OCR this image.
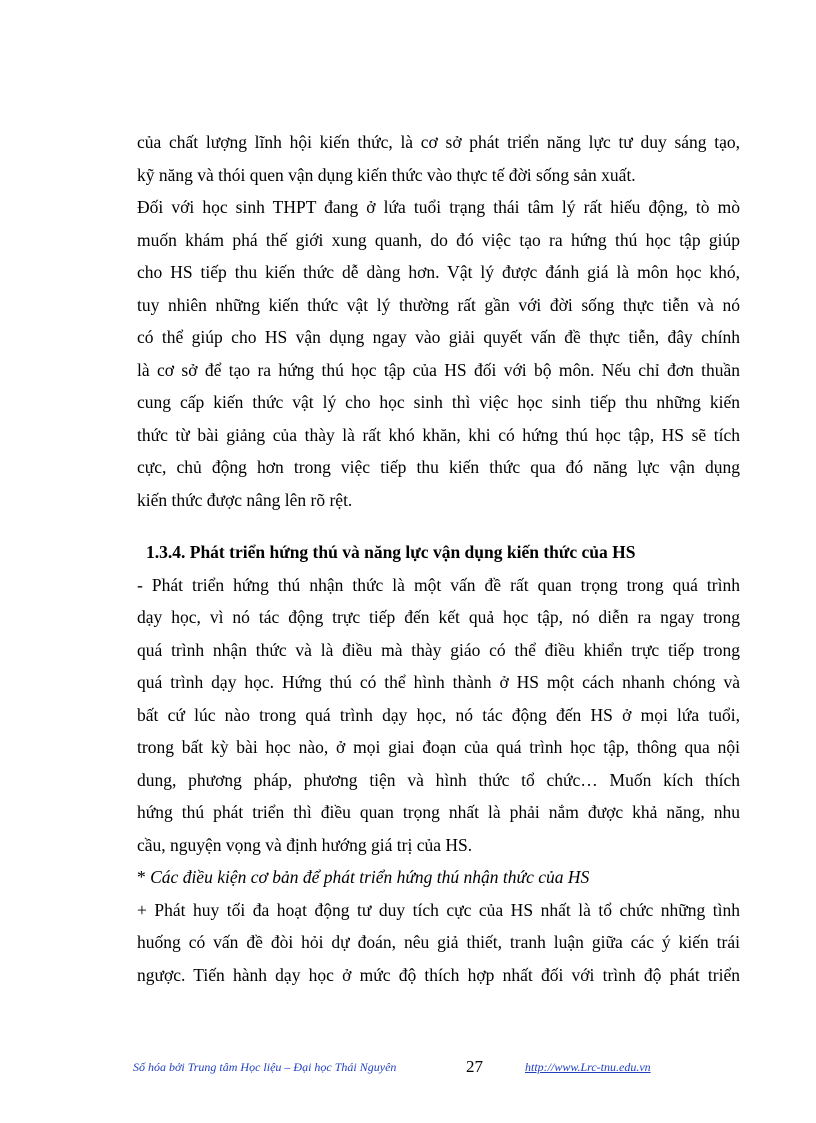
của chất lượng lĩnh hội kiến thức, là cơ sở phát triển năng lực tư duy sáng tạo,
kỹ năng và thói quen vận dụng kiến thức vào thực tế đời sống sản xuất.
Đối với học sinh THPT đang ở lứa tuổi trạng thái tâm lý rất hiếu động, tò mò
muốn khám phá thế giới xung quanh, do đó việc tạo ra hứng thú học tập giúp
cho HS tiếp thu kiến thức dễ dàng hơn. Vật lý được đánh giá là môn học khó,
tuy nhiên những kiến thức vật lý thường rất gần với đời sống thực tiễn và nó
có thể giúp cho HS vận dụng ngay vào giải quyết vấn đề thực tiễn, đây chính
là cơ sở để tạo ra hứng thú học tập của HS đối với bộ môn. Nếu chỉ đơn thuần
cung cấp kiến thức vật lý cho học sinh thì việc học sinh tiếp thu những kiến
thức từ bài giảng của thày là rất khó khăn, khi có hứng thú học tập, HS sẽ tích
cực, chủ động hơn trong việc tiếp thu kiến thức qua đó năng lực vận dụng
kiến thức được nâng lên rõ rệt.
1.3.4. Phát triển hứng thú và năng lực vận dụng kiến thức của HS
- Phát triển hứng thú nhận thức là một vấn đề rất quan trọng trong quá trình
dạy học, vì nó tác động trực tiếp đến kết quả học tập, nó diễn ra ngay trong
quá trình nhận thức và là điều mà thày giáo có thể điều khiển trực tiếp trong
quá trình dạy học. Hứng thú có thể hình thành ở HS một cách nhanh chóng và
bất cứ lúc nào trong quá trình dạy học, nó tác động đến HS ở mọi lứa tuổi,
trong bất kỳ bài học nào, ở mọi giai đoạn của quá trình học tập, thông qua nội
dung, phương pháp, phương tiện và hình thức tổ chức… Muốn kích thích
hứng thú phát triển thì điều quan trọng nhất là phải nắm được khả năng, nhu
cầu, nguyện vọng và định hướng giá trị của HS.
* Các điều kiện cơ bản để phát triển hứng thú nhận thức của HS
+ Phát huy tối đa hoạt động tư duy tích cực của HS nhất là tổ chức những tình
huống có vấn đề đòi hỏi dự đoán, nêu giả thiết, tranh luận giữa các ý kiến trái
ngược. Tiến hành dạy học ở mức độ thích hợp nhất đối với trình độ phát triển
Số hóa bởi Trung tâm Học liệu – Đại học Thái Nguyên	27	http://www.Lrc-tnu.edu.vn
